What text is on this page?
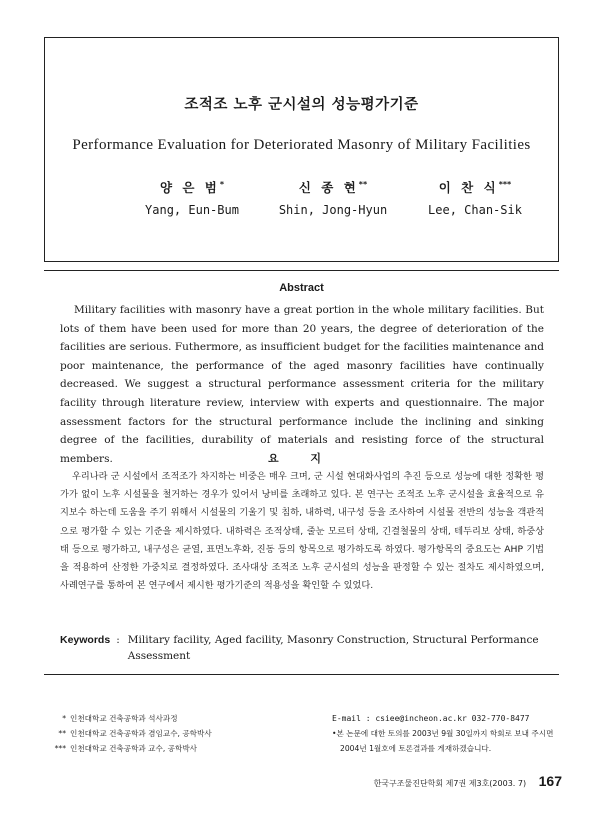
조적조 노후 군시설의 성능평가기준
Performance Evaluation for Deteriorated Masonry of Military Facilities
양 은 범*
Yang, Eun-Bum
신 종 현**
Shin, Jong-Hyun
이 찬 식***
Lee, Chan-Sik
Abstract
Military facilities with masonry have a great portion in the whole military facilities. But lots of them have been used for more than 20 years, the degree of deterioration of the facilities are serious. Futhermore, as insufficient budget for the facilities maintenance and poor maintenance, the performance of the aged masonry facilities have continually decreased. We suggest a structural performance assessment criteria for the military facility through literature review, interview with experts and questionnaire. The major assessment factors for the structural performance include the inclining and sinking degree of the facilities, durability of materials and resisting force of the structural members.	요 지
우리나라 군 시설에서 조적조가 차지하는 비중은 매우 크며, 군 시설 현대화사업의 추진 등으로 성능에 대한 정확한 평가가 없이 노후 시설물을 철거하는 경우가 있어서 낭비를 초래하고 있다. 본 연구는 조적조 노후 군시설을 효율적으로 유지보수 하는데 도움을 주기 위해서 시설물의 기울기 및 침하, 내하력, 내구성 등을 조사하여 시설물 전반의 성능을 객관적으로 평가할 수 있는 기준을 제시하였다. 내하력은 조적상태, 줄눈 모르터 상태, 긴결철물의 상태, 테두리보 상태, 하중상태 등으로 평가하고, 내구성은 균열, 표면노후화, 진동 등의 항목으로 평가하도록 하였다. 평가항목의 중요도는 AHP 기법을 적용하여 산정한 가중치로 결정하였다. 조사대상 조적조 노후 군시설의 성능을 판정할 수 있는 절차도 제시하였으며, 사례연구를 통하여 본 연구에서 제시한 평가기준의 적용성을 확인할 수 있었다.
Keywords : Military facility, Aged facility, Masonry Construction, Structural Performance Assessment
* 인천대학교 건축공학과 석사과정
** 인천대학교 건축공학과 겸임교수, 공학박사
*** 인천대학교 건축공학과 교수, 공학박사
E-mail : csiee@incheon.ac.kr 032-770-8477
•본 논문에 대한 토의를 2003년 9월 30일까지 학회로 보내 주시면 2004년 1월호에 토론결과를 게재하겠습니다.
한국구조물진단학회 제7권 제3호(2003. 7) 167
